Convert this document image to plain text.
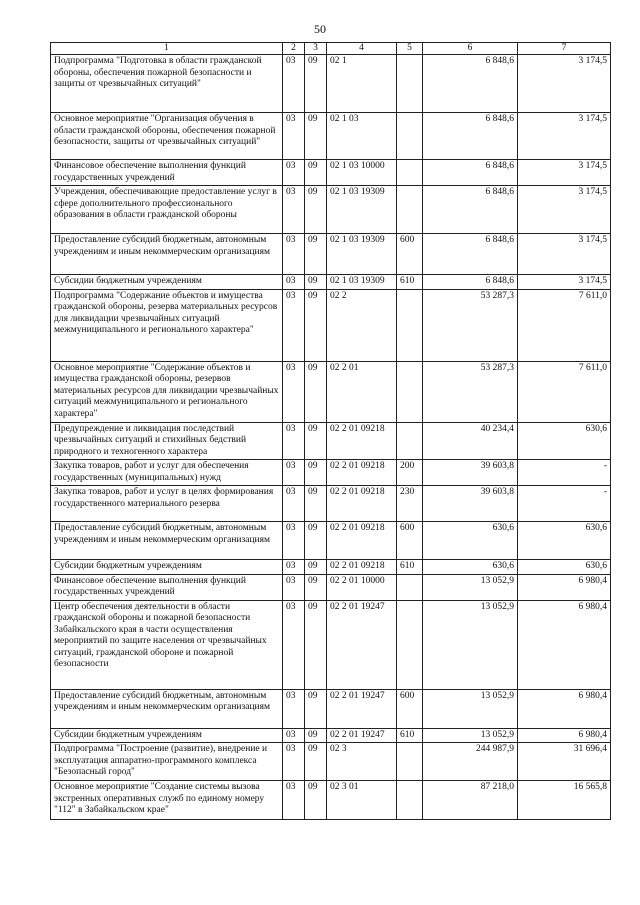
50
1	2	3	4	5	6	7
Подпрограмма "Подготовка в области гражданской обороны, обеспечения пожарной безопасности и защиты от чрезвычайных ситуаций"	03	09	02 1		6 848,6	3 174,5
Основное мероприятие "Организация обучения в области гражданской обороны, обеспечения пожарной безопасности, защиты от чрезвычайных ситуаций"	03	09	02 1 03		6 848,6	3 174,5
Финансовое обеспечение выполнения функций государственных учреждений	03	09	02 1 03 10000		6 848,6	3 174,5
Учреждения, обеспечивающие предоставление услуг в сфере дополнительного профессионального образования в области гражданской обороны	03	09	02 1 03 19309		6 848,6	3 174,5
Предоставление субсидий бюджетным, автономным учреждениям и иным некоммерческим организациям	03	09	02 1 03 19309	600	6 848,6	3 174,5
Субсидии бюджетным учреждениям	03	09	02 1 03 19309	610	6 848,6	3 174,5
Подпрограмма "Содержание объектов и имущества гражданской обороны, резерва материальных ресурсов для ликвидации чрезвычайных ситуаций межмуниципального и регионального характера"	03	09	02 2		53 287,3	7 611,0
Основное мероприятие "Содержание объектов и имущества гражданской обороны, резервов материальных ресурсов для ликвидации чрезвычайных ситуаций межмуниципального и регионального характера"	03	09	02 2 01		53 287,3	7 611,0
Предупреждение и ликвидация последствий чрезвычайных ситуаций и стихийных бедствий природного и техногенного характера	03	09	02 2 01 09218		40 234,4	630,6
Закупка товаров, работ и услуг для обеспечения государственных (муниципальных) нужд	03	09	02 2 01 09218	200	39 603,8	-
Закупка товаров, работ и услуг в целях формирования государственного материального резерва	03	09	02 2 01 09218	230	39 603,8	-
Предоставление субсидий бюджетным, автономным учреждениям и иным некоммерческим организациям	03	09	02 2 01 09218	600	630,6	630,6
Субсидии бюджетным учреждениям	03	09	02 2 01 09218	610	630,6	630,6
Финансовое обеспечение выполнения функций государственных учреждений	03	09	02 2 01 10000		13 052,9	6 980,4
Центр обеспечения деятельности в области гражданской обороны и пожарной безопасности Забайкальского края в части осуществления мероприятий по защите населения от чрезвычайных ситуаций, гражданской обороне и пожарной безопасности	03	09	02 2 01 19247		13 052,9	6 980,4
Предоставление субсидий бюджетным, автономным учреждениям и иным некоммерческим организациям	03	09	02 2 01 19247	600	13 052,9	6 980,4
Субсидии бюджетным учреждениям	03	09	02 2 01 19247	610	13 052,9	6 980,4
Подпрограмма "Построение (развитие), внедрение и эксплуатация аппаратно-программного комплекса "Безопасный город"	03	09	02 3		244 987,9	31 696,4
Основное мероприятие "Создание системы вызова экстренных оперативных служб по единому номеру "112" в Забайкальском крае"	03	09	02 3 01		87 218,0	16 565,8
